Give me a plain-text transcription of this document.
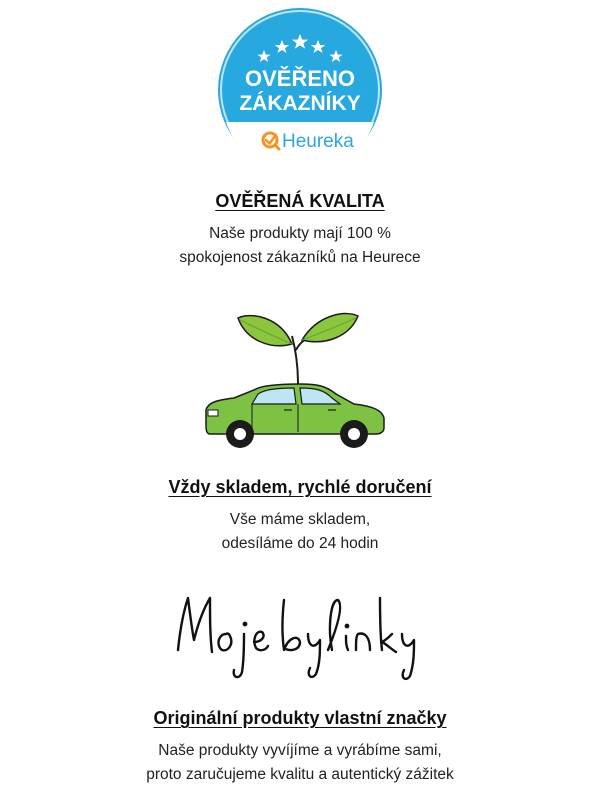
OVĚŘENO
ZÁKAZNÍKY
Heureka

OVĚŘENÁ KVALITA

Naše produkty mají 100 %
spokojenost zákazníků na Heurece

Vždy skladem, rychlé doručení

Vše máme skladem,
odesíláme do 24 hodin

Moje bylinky

Originální produkty vlastní značky

Naše produkty vyvíjíme a vyrábíme sami,
proto zaručujeme kvalitu a autentický zážitek
